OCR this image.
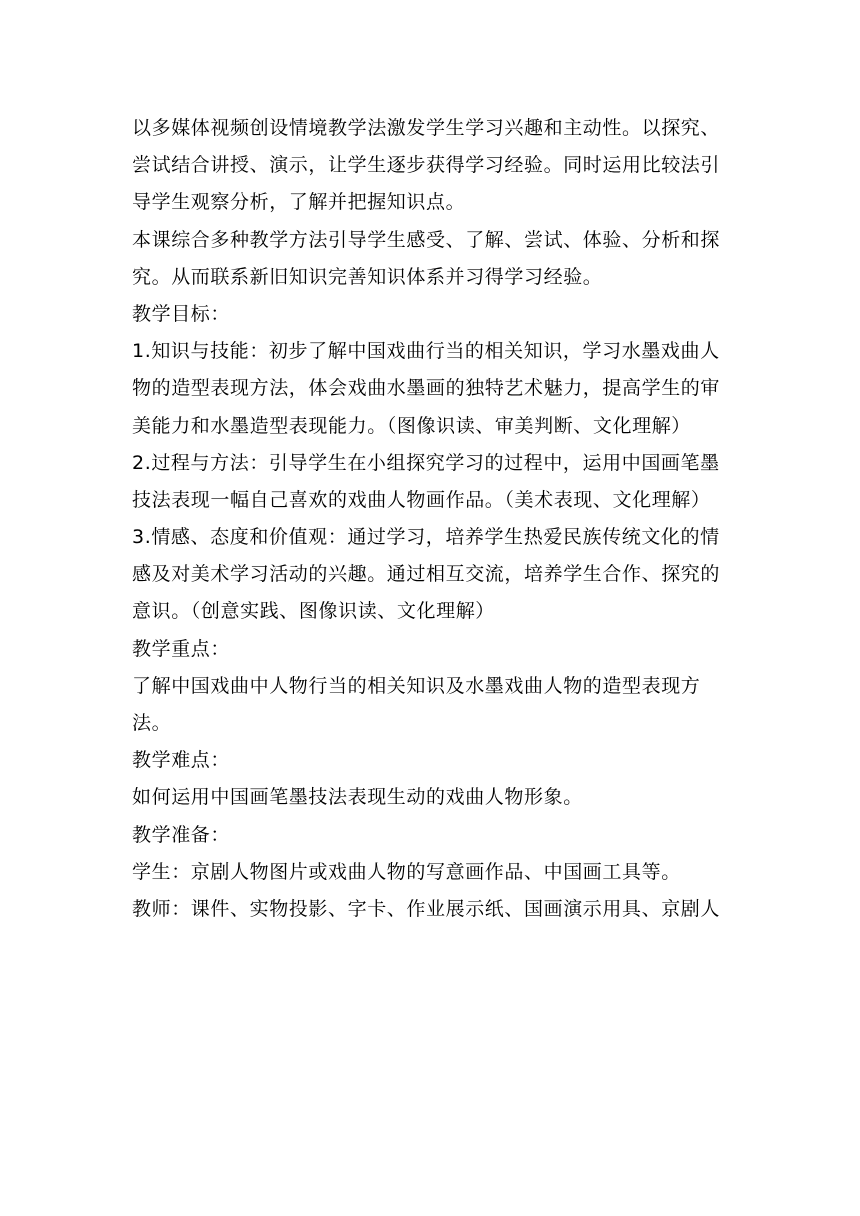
以多媒体视频创设情境教学法激发学生学习兴趣和主动性。以探究、
尝试结合讲授、演示，让学生逐步获得学习经验。同时运用比较法引
导学生观察分析，了解并把握知识点。
本课综合多种教学方法引导学生感受、了解、尝试、体验、分析和探
究。从而联系新旧知识完善知识体系并习得学习经验。
教学目标：
1.知识与技能：初步了解中国戏曲行当的相关知识，学习水墨戏曲人
物的造型表现方法，体会戏曲水墨画的独特艺术魅力，提高学生的审
美能力和水墨造型表现能力。（图像识读、审美判断、文化理解）
2.过程与方法：引导学生在小组探究学习的过程中，运用中国画笔墨
技法表现一幅自己喜欢的戏曲人物画作品。（美术表现、文化理解）
3.情感、态度和价值观：通过学习，培养学生热爱民族传统文化的情
感及对美术学习活动的兴趣。通过相互交流，培养学生合作、探究的
意识。（创意实践、图像识读、文化理解）
教学重点：
了解中国戏曲中人物行当的相关知识及水墨戏曲人物的造型表现方
法。
教学难点：
如何运用中国画笔墨技法表现生动的戏曲人物形象。
教学准备：
学生：京剧人物图片或戏曲人物的写意画作品、中国画工具等。
教师：课件、实物投影、字卡、作业展示纸、国画演示用具、京剧人
